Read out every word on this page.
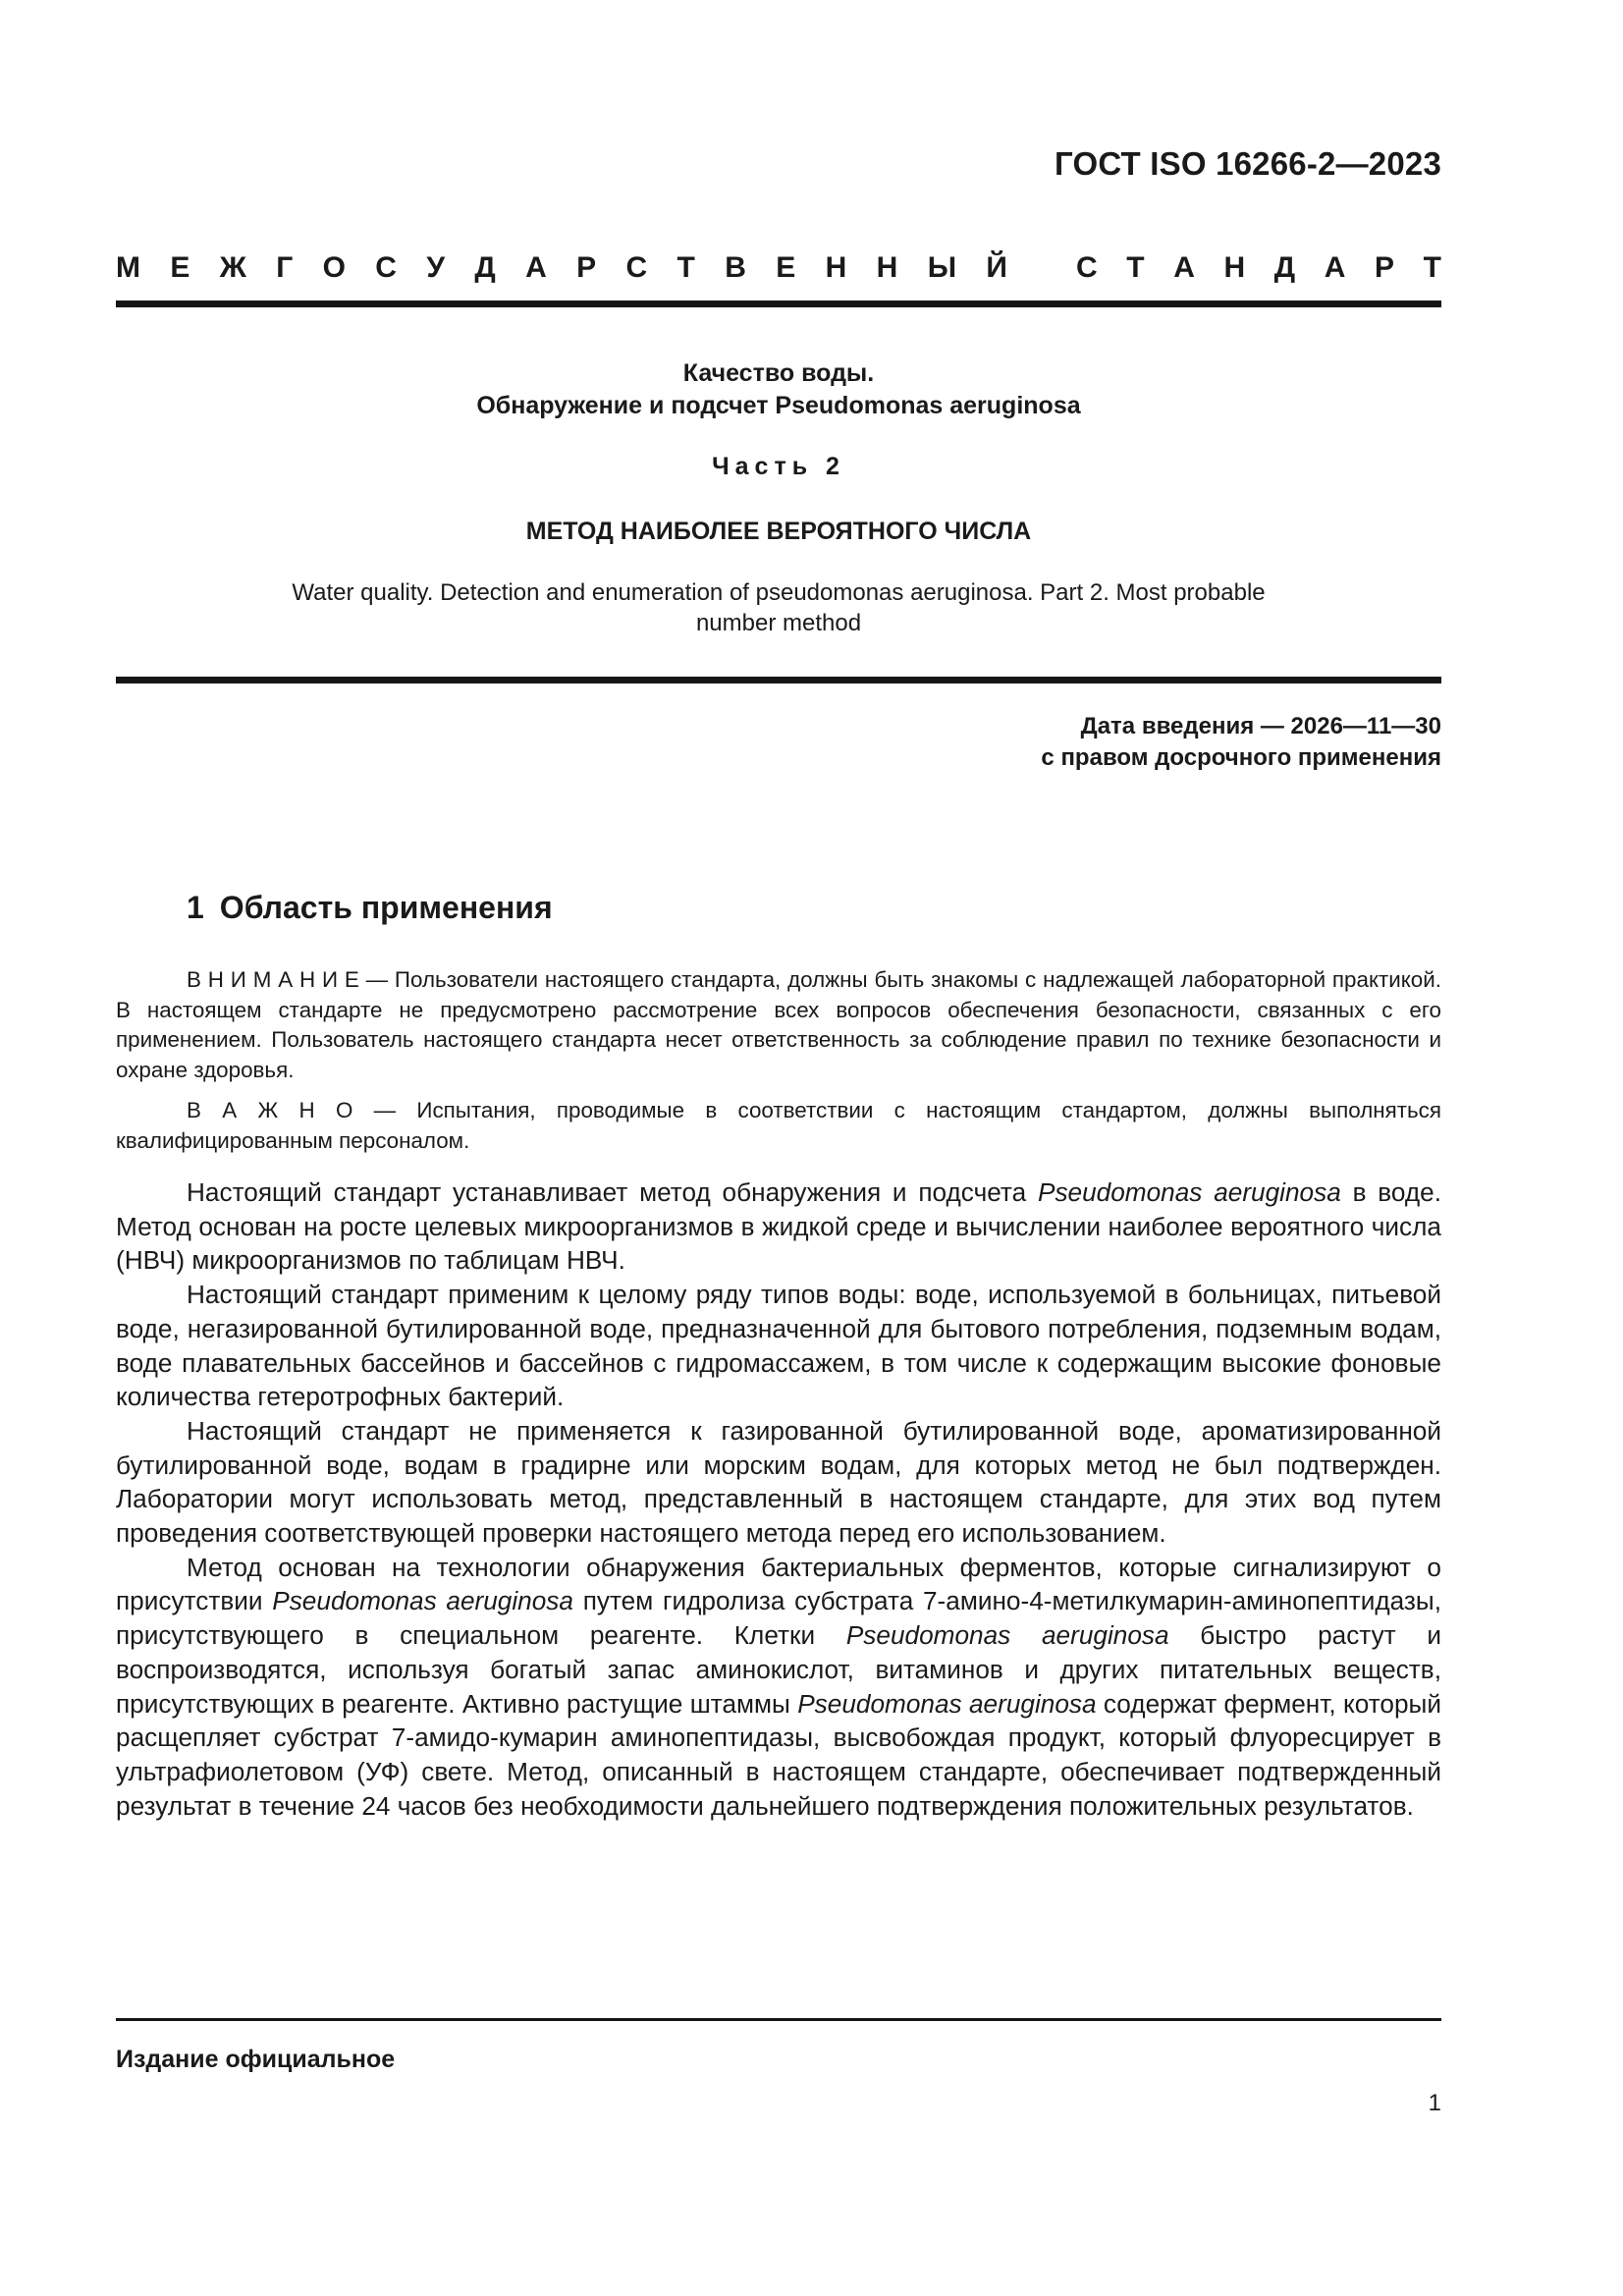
ГОСТ ISO 16266-2—2023
М Е Ж Г О С У Д А Р С Т В Е Н Н Ы Й С Т А Н Д А Р Т
Качество воды.
Обнаружение и подсчет Pseudomonas aeruginosa
Часть 2
МЕТОД НАИБОЛЕЕ ВЕРОЯТНОГО ЧИСЛА
Water quality. Detection and enumeration of pseudomonas aeruginosa. Part 2. Most probable number method
Дата введения — 2026—11—30
с правом досрочного применения
1 Область применения

В Н И М А Н И Е — Пользователи настоящего стандарта, должны быть знакомы с надлежащей лабораторной практикой. В настоящем стандарте не предусмотрено рассмотрение всех вопросов обеспечения безопасности, связанных с его применением. Пользователь настоящего стандарта несет ответственность за соблюдение правил по технике безопасности и охране здоровья.

В А Ж Н О — Испытания, проводимые в соответствии с настоящим стандартом, должны выполняться квалифицированным персоналом.

Настоящий стандарт устанавливает метод обнаружения и подсчета Pseudomonas aeruginosa в воде. Метод основан на росте целевых микроорганизмов в жидкой среде и вычислении наиболее вероятного числа (НВЧ) микроорганизмов по таблицам НВЧ.

Настоящий стандарт применим к целому ряду типов воды: воде, используемой в больницах, питьевой воде, негазированной бутилированной воде, предназначенной для бытового потребления, подземным водам, воде плавательных бассейнов и бассейнов с гидромассажем, в том числе к содержащим высокие фоновые количества гетеротрофных бактерий.

Настоящий стандарт не применяется к газированной бутилированной воде, ароматизированной бутилированной воде, водам в градирне или морским водам, для которых метод не был подтвержден. Лаборатории могут использовать метод, представленный в настоящем стандарте, для этих вод путем проведения соответствующей проверки настоящего метода перед его использованием.

Метод основан на технологии обнаружения бактериальных ферментов, которые сигнализируют о присутствии Pseudomonas aeruginosa путем гидролиза субстрата 7-амино-4-метилкумарин-аминопептидазы, присутствующего в специальном реагенте. Клетки Pseudomonas aeruginosa быстро растут и воспроизводятся, используя богатый запас аминокислот, витаминов и других питательных веществ, присутствующих в реагенте. Активно растущие штаммы Pseudomonas aeruginosa содержат фермент, который расщепляет субстрат 7-амидо-кумарин аминопептидазы, высвобождая продукт, который флуоресцирует в ультрафиолетовом (УФ) свете. Метод, описанный в настоящем стандарте, обеспечивает подтвержденный результат в течение 24 часов без необходимости дальнейшего подтверждения положительных результатов.

Издание официальное
1
